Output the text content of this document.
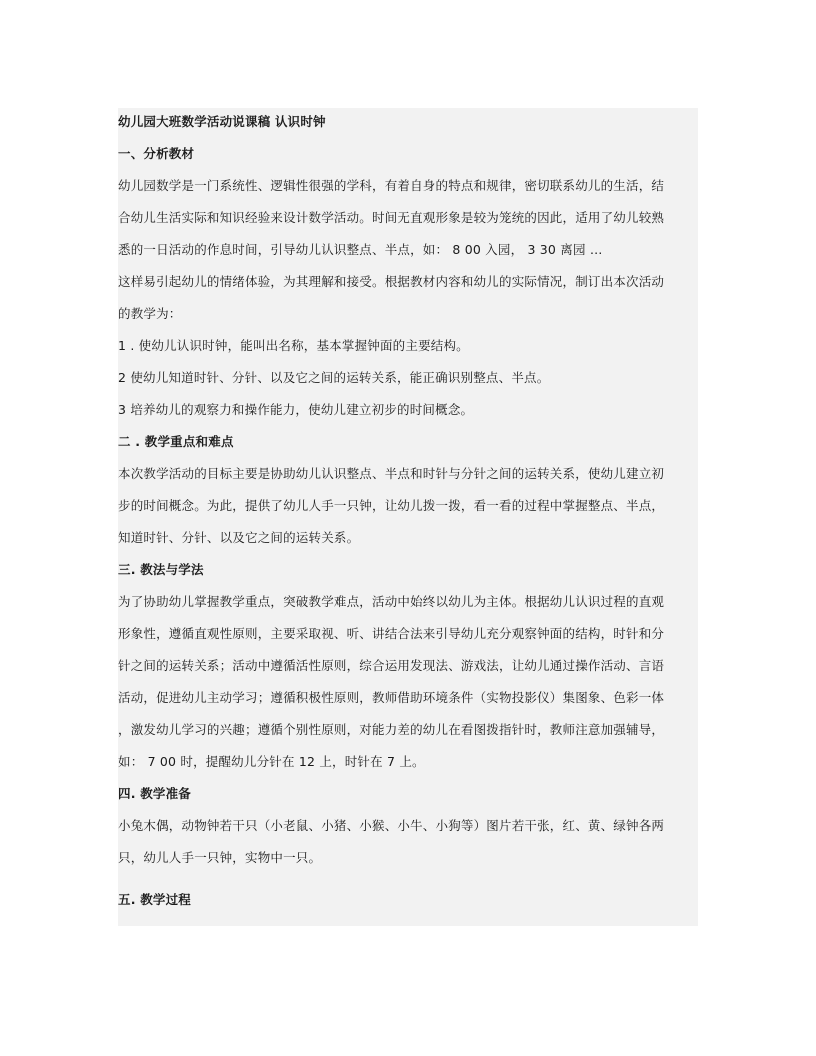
幼儿园大班数学活动说课稿 认识时钟
一、分析教材
幼儿园数学是一门系统性、逻辑性很强的学科，有着自身的特点和规律，密切联系幼儿的生活，结
合幼儿生活实际和知识经验来设计数学活动。时间无直观形象是较为笼统的因此，适用了幼儿较熟
悉的一日活动的作息时间，引导幼儿认识整点、半点，如： 8 00 入园， 3 30 离园 …
这样易引起幼儿的情绪体验，为其理解和接受。根据教材内容和幼儿的实际情况，制订出本次活动
的教学为：
1 . 使幼儿认识时钟，能叫出名称，基本掌握钟面的主要结构。
2 使幼儿知道时针、分针、以及它之间的运转关系，能正确识别整点、半点。
3 培养幼儿的观察力和操作能力，使幼儿建立初步的时间概念。
二 . 教学重点和难点
本次教学活动的目标主要是协助幼儿认识整点、半点和时针与分针之间的运转关系，使幼儿建立初
步的时间概念。为此，提供了幼儿人手一只钟，让幼儿拨一拨，看一看的过程中掌握整点、半点，
知道时针、分针、以及它之间的运转关系。
三. 教法与学法
为了协助幼儿掌握教学重点，突破教学难点，活动中始终以幼儿为主体。根据幼儿认识过程的直观
形象性，遵循直观性原则，主要采取视、听、讲结合法来引导幼儿充分观察钟面的结构，时针和分
针之间的运转关系；活动中遵循活性原则，综合运用发现法、游戏法，让幼儿通过操作活动、言语
活动，促进幼儿主动学习；遵循积极性原则，教师借助环境条件（实物投影仪）集图象、色彩一体
，激发幼儿学习的兴趣；遵循个别性原则，对能力差的幼儿在看图拨指针时，教师注意加强辅导，
如： 7 00 时，提醒幼儿分针在 12 上，时针在 7 上。
四. 教学准备
小兔木偶，动物钟若干只（小老鼠、小猪、小猴、小牛、小狗等）图片若干张，红、黄、绿钟各两
只，幼儿人手一只钟，实物中一只。
五. 教学过程
